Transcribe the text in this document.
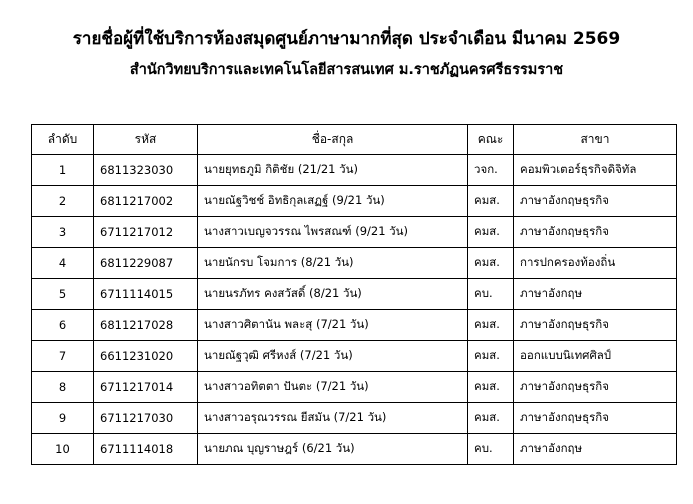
รายชื่อผู้ที่ใช้บริการห้องสมุดศูนย์ภาษามากที่สุด ประจำเดือน มีนาคม 2569
สำนักวิทยบริการและเทคโนโลยีสารสนเทศ ม.ราชภัฏนครศรีธรรมราช
ลำดับ	รหัส	ชื่อ-สกุล	คณะ	สาขา
1	6811323030	นายยุทธภูมิ กิติชัย (21/21 วัน)	วจก.	คอมพิวเตอร์ธุรกิจดิจิทัล
2	6811217002	นายณัฐวิชช์ อิทธิกุลเสฏฐ์ (9/21 วัน)	คมส.	ภาษาอังกฤษธุรกิจ
3	6711217012	นางสาวเบญจวรรณ ไพรสณฑ์ (9/21 วัน)	คมส.	ภาษาอังกฤษธุรกิจ
4	6811229087	นายนักรบ โจมการ (8/21 วัน)	คมส.	การปกครองท้องถิ่น
5	6711114015	นายนรภัทร คงสวัสดิ์ (8/21 วัน)	คบ.	ภาษาอังกฤษ
6	6811217028	นางสาวศิตานัน พละสุ (7/21 วัน)	คมส.	ภาษาอังกฤษธุรกิจ
7	6611231020	นายณัฐวุฒิ ศรีหงส์ (7/21 วัน)	คมส.	ออกแบบนิเทศศิลป์
8	6711217014	นางสาวอทิตตา ปันตะ (7/21 วัน)	คมส.	ภาษาอังกฤษธุรกิจ
9	6711217030	นางสาวอรุณวรรณ ยีสมัน (7/21 วัน)	คมส.	ภาษาอังกฤษธุรกิจ
10	6711114018	นายภณ บุญราษฎร์ (6/21 วัน)	คบ.	ภาษาอังกฤษ
